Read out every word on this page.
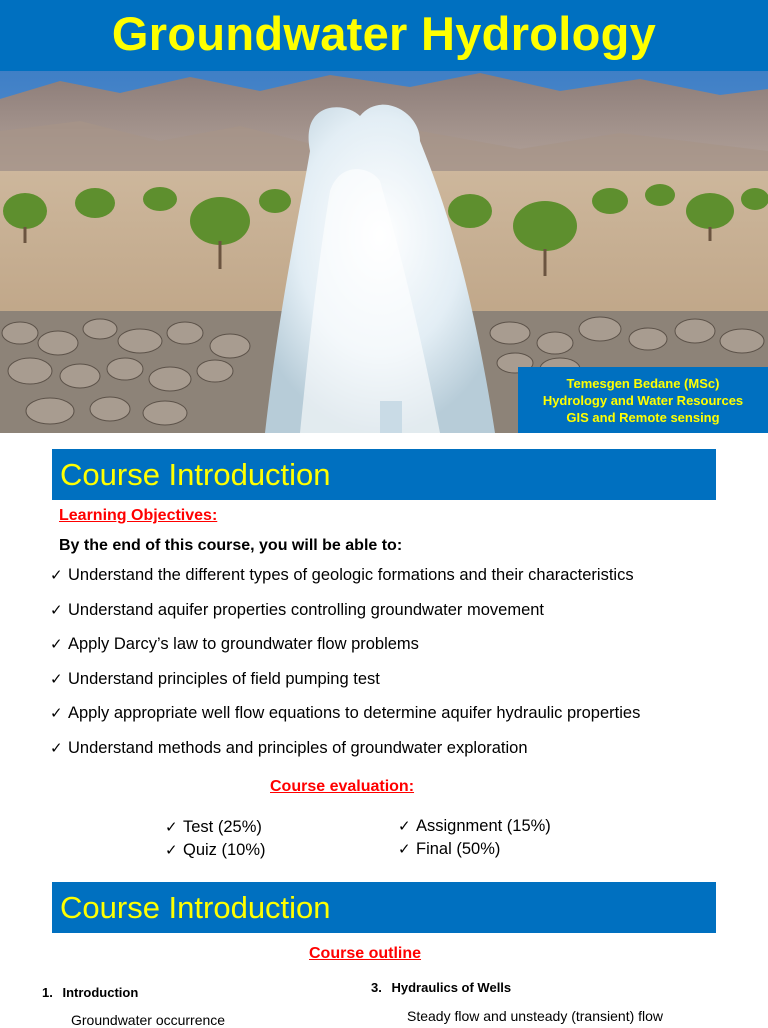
Groundwater Hydrology
Temesgen Bedane (MSc)
Hydrology and Water Resources
GIS and Remote sensing
Course Introduction
Learning Objectives:
By the end of this course, you will be able to:
✓ Understand the different types of geologic formations and their characteristics
✓ Understand aquifer properties controlling groundwater movement
✓ Apply Darcy’s law to groundwater flow problems
✓ Understand principles of field pumping test
✓ Apply appropriate well flow equations to determine aquifer hydraulic properties
✓ Understand methods and principles of groundwater exploration
Course evaluation:
✓ Test (25%)
✓ Quiz (10%)
✓ Assignment (15%)
✓ Final (50%)
Course Introduction
Course outline
1. Introduction
Groundwater occurrence
3. Hydraulics of Wells
Steady flow and unsteady (transient) flow
